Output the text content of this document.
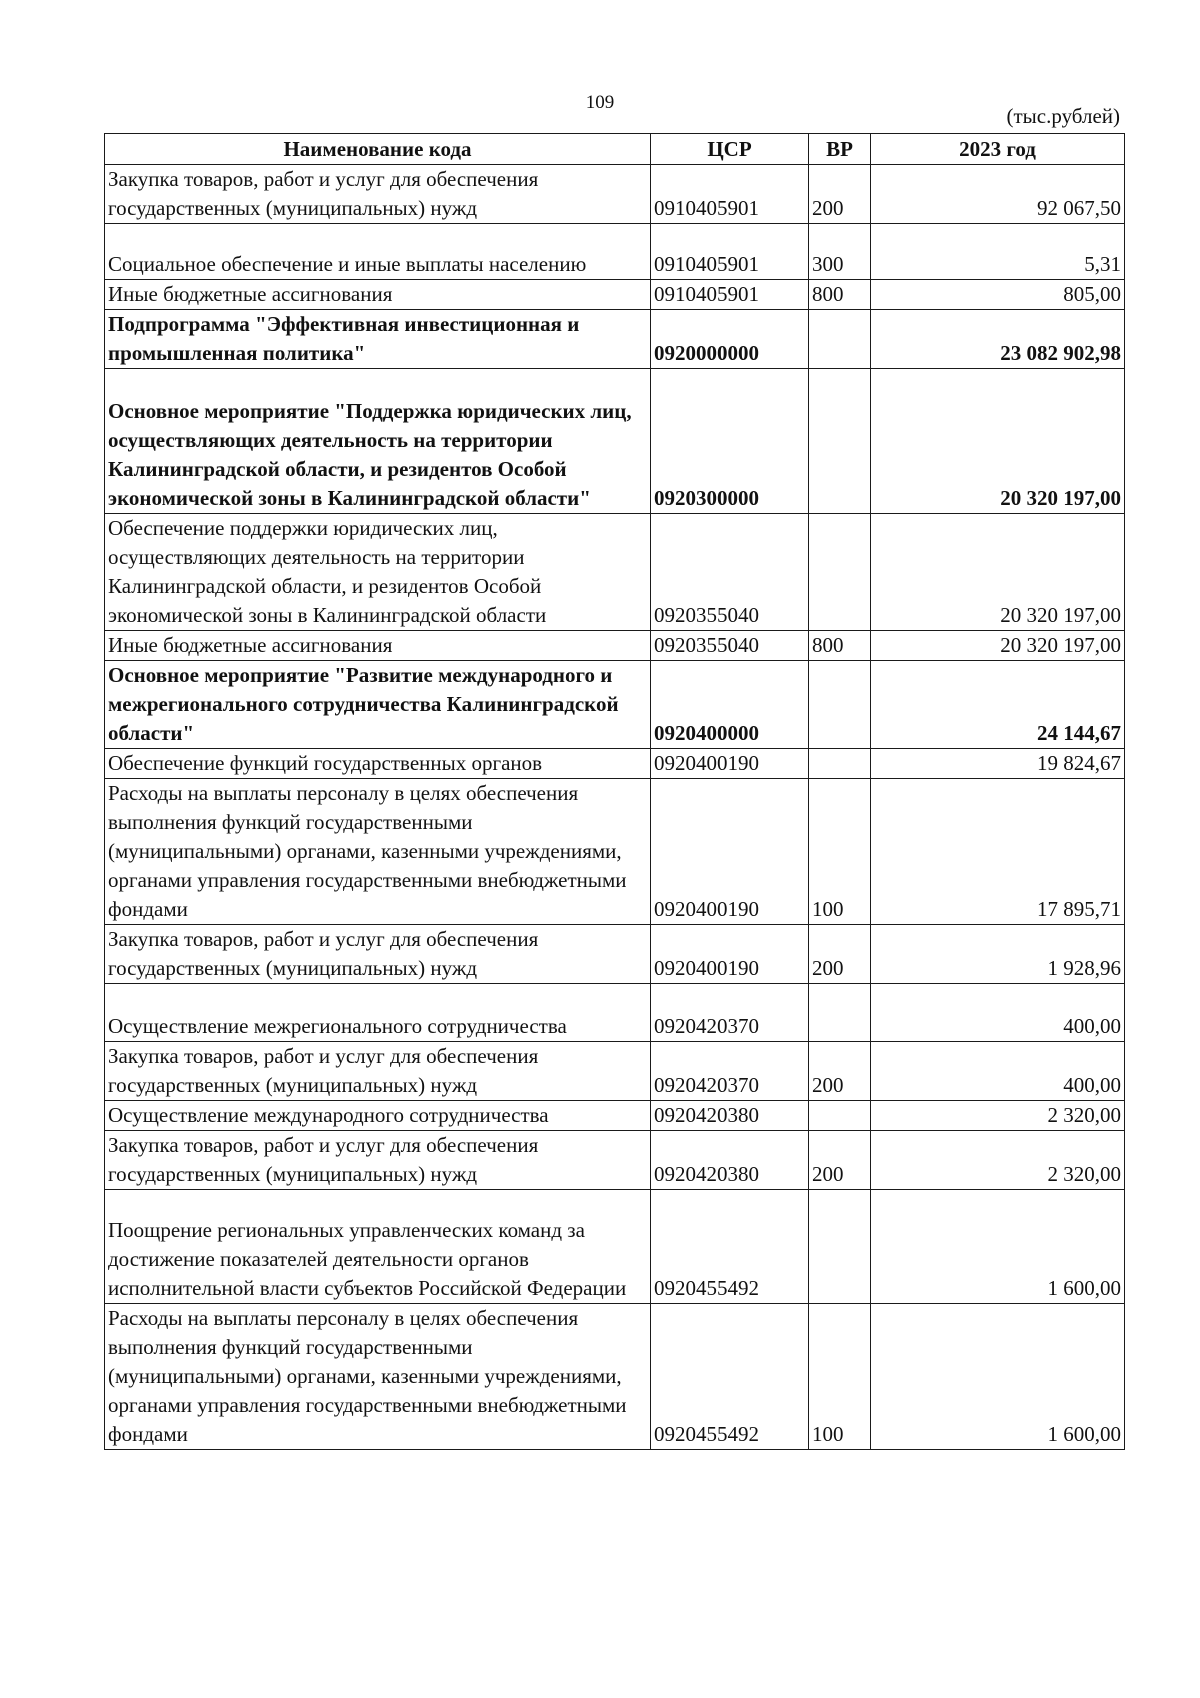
109
(тыс.рублей)
Наименование кода	ЦСР	ВР	2023 год
Закупка товаров, работ и услуг для обеспечения государственных (муниципальных) нужд	0910405901	200	92 067,50
Социальное обеспечение и иные выплаты населению	0910405901	300	5,31
Иные бюджетные ассигнования	0910405901	800	805,00
Подпрограмма "Эффективная инвестиционная и промышленная политика"	0920000000		23 082 902,98
Основное мероприятие "Поддержка юридических лиц, осуществляющих деятельность на территории Калининградской области, и резидентов Особой экономической зоны в Калининградской области"	0920300000		20 320 197,00
Обеспечение поддержки юридических лиц, осуществляющих деятельность на территории Калининградской области, и резидентов Особой экономической зоны в Калининградской области	0920355040		20 320 197,00
Иные бюджетные ассигнования	0920355040	800	20 320 197,00
Основное мероприятие "Развитие международного и межрегионального сотрудничества Калининградской области"	0920400000		24 144,67
Обеспечение функций государственных органов	0920400190		19 824,67
Расходы на выплаты персоналу в целях обеспечения выполнения функций государственными (муниципальными) органами, казенными учреждениями, органами управления государственными внебюджетными фондами	0920400190	100	17 895,71
Закупка товаров, работ и услуг для обеспечения государственных (муниципальных) нужд	0920400190	200	1 928,96
Осуществление межрегионального сотрудничества	0920420370		400,00
Закупка товаров, работ и услуг для обеспечения государственных (муниципальных) нужд	0920420370	200	400,00
Осуществление международного сотрудничества	0920420380		2 320,00
Закупка товаров, работ и услуг для обеспечения государственных (муниципальных) нужд	0920420380	200	2 320,00
Поощрение региональных управленческих команд за достижение показателей деятельности органов исполнительной власти субъектов Российской Федерации	0920455492		1 600,00
Расходы на выплаты персоналу в целях обеспечения выполнения функций государственными (муниципальными) органами, казенными учреждениями, органами управления государственными внебюджетными фондами	0920455492	100	1 600,00
